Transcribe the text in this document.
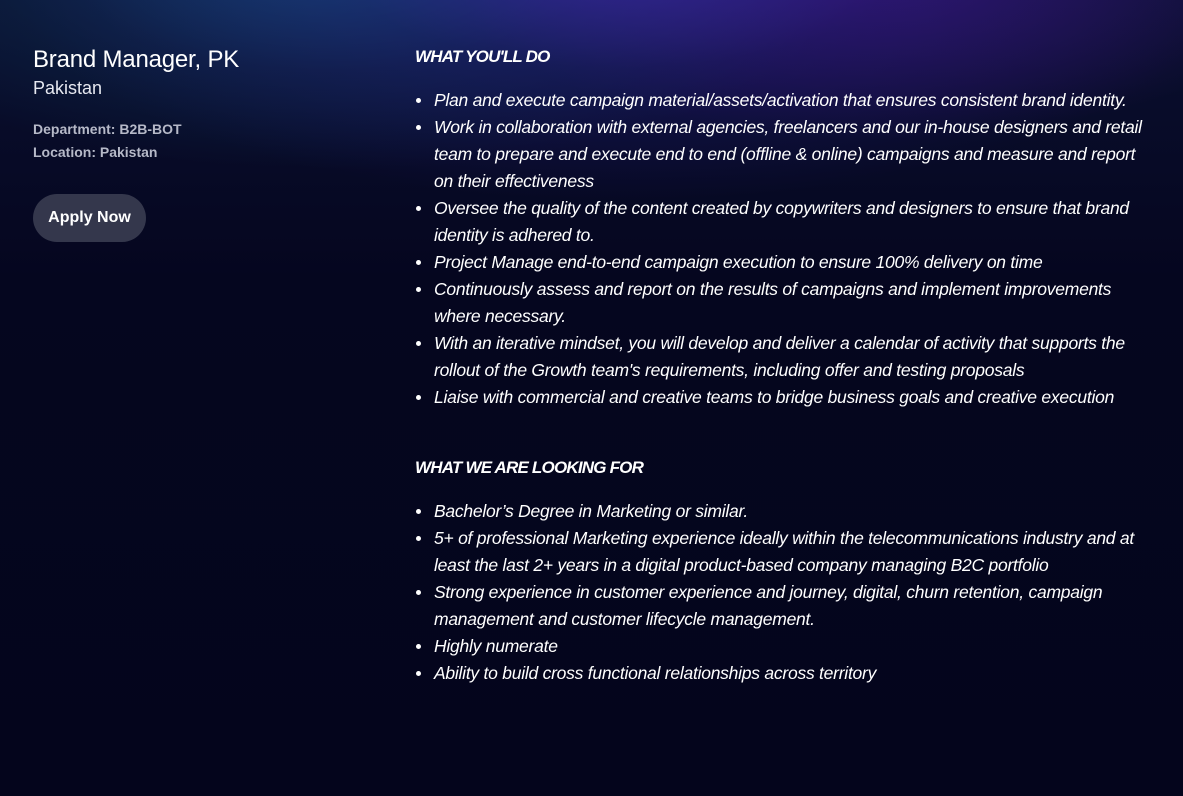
Brand Manager, PK

Pakistan

Department: B2B-BOT

Location: Pakistan

Apply Now
WHAT YOU'LL DO
Plan and execute campaign material/assets/activation that ensures consistent brand identity.
Work in collaboration with external agencies, freelancers and our in-house designers and retail team to prepare and execute end to end (offline & online) campaigns and measure and report on their effectiveness
Oversee the quality of the content created by copywriters and designers to ensure that brand identity is adhered to.
Project Manage end-to-end campaign execution to ensure 100% delivery on time
Continuously assess and report on the results of campaigns and implement improvements where necessary.
With an iterative mindset, you will develop and deliver a calendar of activity that supports the rollout of the Growth team's requirements, including offer and testing proposals
Liaise with commercial and creative teams to bridge business goals and creative execution
WHAT WE ARE LOOKING FOR
Bachelor’s Degree in Marketing or similar.
5+ of professional Marketing experience ideally within the telecommunications industry and at least the last 2+ years in a digital product-based company managing B2C portfolio
Strong experience in customer experience and journey, digital, churn retention, campaign management and customer lifecycle management.
Highly numerate
Ability to build cross functional relationships across territory
